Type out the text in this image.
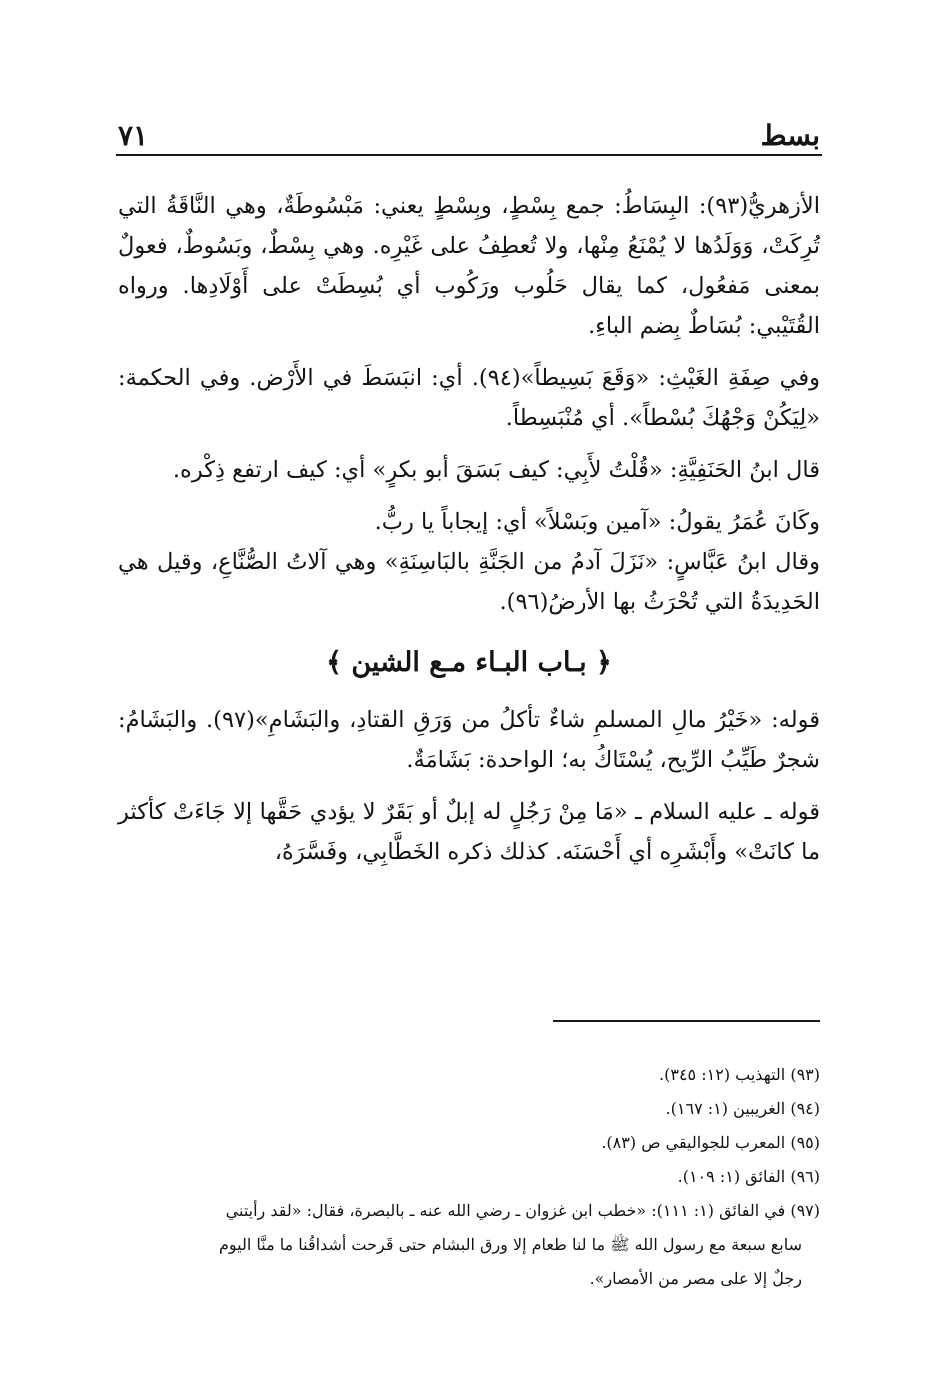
بسط
٧١

الأزهريُّ(٩٣): البِسَاطُ: جمع بِسْطٍ، وبِسْطٍ يعني: مَبْسُوطَةٌ، وهي النَّاقَةُ التي تُرِكَتْ، وَوَلَدُها لا يُمْنَعُ مِنْها، ولا تُعطِفُ على غَيْرِه. وهي بِسْطٌ، وبَسُوطٌ، فعولٌ بمعنى مَفعُول، كما يقال حَلُوب ورَكُوب أي بُسِطَتْ على أَوْلَادِها. ورواه القُتَيْبي: بُسَاطٌ بِضم الباءِ.

وفي صِفَةِ الغَيْثِ: «وَقَعَ بَسِيطاً»(٩٤). أي: انبَسَطَ في الأَرْض. وفي الحكمة: «لِيَكُنْ وَجْهُكَ بُسْطاً». أي مُنْبَسِطاً.

قال ابنُ الحَنَفِيَّةِ: «قُلْتُ لأَبِي: كيف بَسَقَ أبو بكرٍ» أي: كيف ارتفع ذِكْره.

وكَانَ عُمَرُ يقولُ: «آمين وبَسْلاً» أي: إيجاباً يا ربُّ.

وقال ابنُ عَبَّاسٍ: «نَزَلَ آدمُ من الجَنَّةِ بالبَاسِنَةِ» وهي آلاتُ الصُّنَّاعِ، وقيل هي الحَدِيدَةُ التي تُحْرَثُ بها الأرضُ(٩٦).

﴿ بـاب البـاء مـع الشين ﴾

قوله: «خَيْرُ مالِ المسلمِ شاءٌ تأكلُ من وَرَقِ القتادِ، والبَشَامِ»(٩٧). والبَشَامُ: شجرٌ طَيِّبُ الرِّيح، يُسْتَاكُ به؛ الواحدة: بَشَامَةٌ.

قوله ـ عليه السلام ـ «مَا مِنْ رَجُلٍ له إبلٌ أو بَقَرٌ لا يؤدي حَقَّها إلا جَاءَتْ كأكثر ما كانَتْ» وأَبْشَرِه أي أَحْسَنَه. كذلك ذكره الخَطَّابِي، وفَسَّرَهُ،

(٩٣) التهذيب (١٢: ٣٤٥).

(٩٤) الغريبين (١: ١٦٧).

(٩٥) المعرب للجواليقي ص (٨٣).

(٩٦) الفائق (١: ١٠٩).

(٩٧) في الفائق (١: ١١١): «خطب ابن غزوان ـ رضي الله عنه ـ بالبصرة، فقال: «لقد رأيتني

سابع سبعة مع رسول الله ﷺ ما لنا طعام إلا ورق البشام حتى قَرحت أشداقُنا ما منَّا اليوم

رجلٌ إلا على مصر من الأمصار».
